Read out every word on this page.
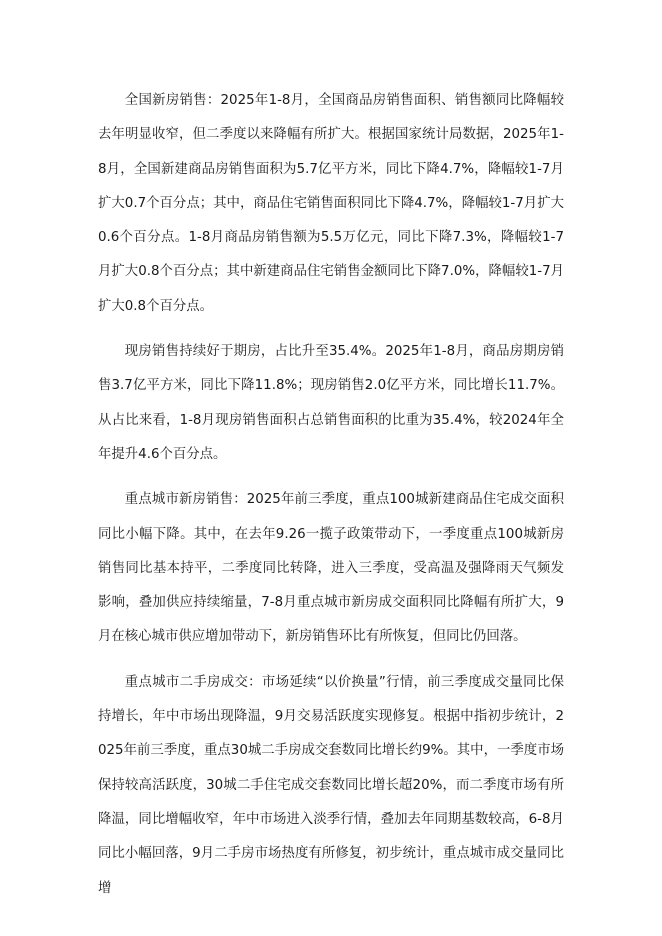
全国新房销售：2025年1-8月，全国商品房销售面积、销售额同比降幅较去年明显收窄，但二季度以来降幅有所扩大。根据国家统计局数据，2025年1-8月，全国新建商品房销售面积为5.7亿平方米，同比下降4.7%，降幅较1-7月扩大0.7个百分点；其中，商品住宅销售面积同比下降4.7%，降幅较1-7月扩大0.6个百分点。1-8月商品房销售额为5.5万亿元，同比下降7.3%，降幅较1-7月扩大0.8个百分点；其中新建商品住宅销售金额同比下降7.0%，降幅较1-7月扩大0.8个百分点。

现房销售持续好于期房，占比升至35.4%。2025年1-8月，商品房期房销售3.7亿平方米，同比下降11.8%；现房销售2.0亿平方米，同比增长11.7%。从占比来看，1-8月现房销售面积占总销售面积的比重为35.4%，较2024年全年提升4.6个百分点。

重点城市新房销售：2025年前三季度，重点100城新建商品住宅成交面积同比小幅下降。其中，在去年9.26一揽子政策带动下，一季度重点100城新房销售同比基本持平，二季度同比转降，进入三季度，受高温及强降雨天气频发影响，叠加供应持续缩量，7-8月重点城市新房成交面积同比降幅有所扩大，9月在核心城市供应增加带动下，新房销售环比有所恢复，但同比仍回落。

重点城市二手房成交：市场延续“以价换量”行情，前三季度成交量同比保持增长，年中市场出现降温，9月交易活跃度实现修复。根据中指初步统计，2025年前三季度，重点30城二手房成交套数同比增长约9%。其中，一季度市场保持较高活跃度，30城二手住宅成交套数同比增长超20%，而二季度市场有所降温，同比增幅收窄，年中市场进入淡季行情，叠加去年同期基数较高，6-8月同比小幅回落，9月二手房市场热度有所修复，初步统计，重点城市成交量同比增
